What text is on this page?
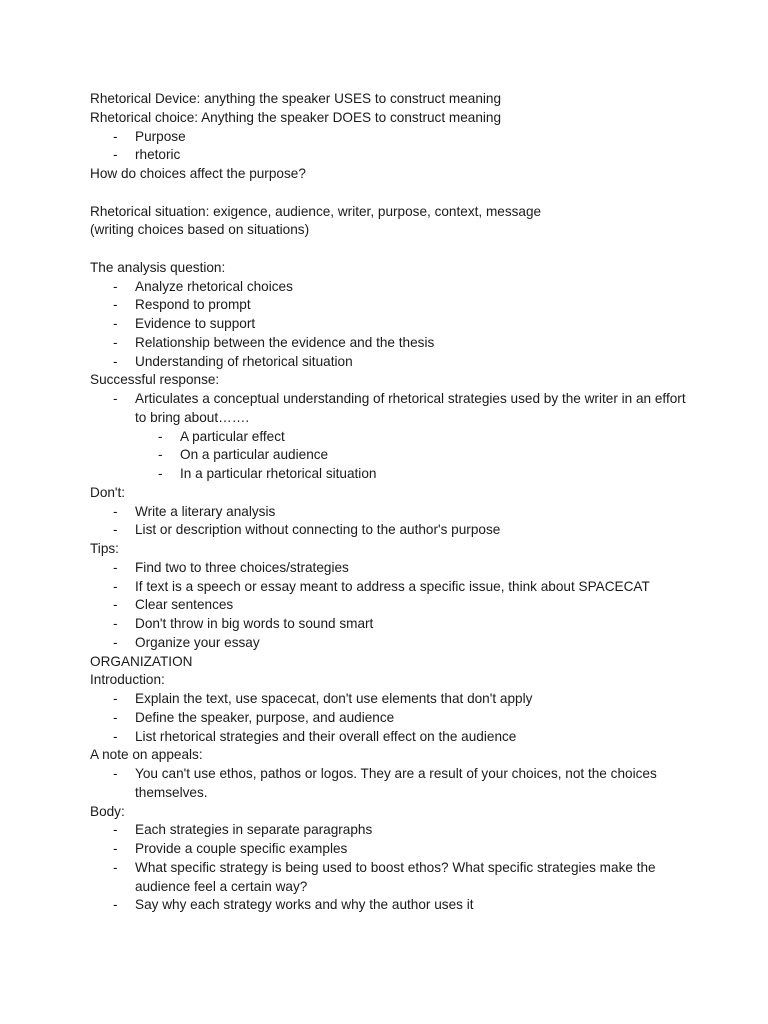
Rhetorical Device: anything the speaker USES to construct meaning
Rhetorical choice: Anything the speaker DOES to construct meaning
- Purpose
- rhetoric
How do choices affect the purpose?
Rhetorical situation: exigence, audience, writer, purpose, context, message
(writing choices based on situations)
The analysis question:
- Analyze rhetorical choices
- Respond to prompt
- Evidence to support
- Relationship between the evidence and the thesis
- Understanding of rhetorical situation
Successful response:
- Articulates a conceptual understanding of rhetorical strategies used by the writer in an effort to bring about…….
- A particular effect
- On a particular audience
- In a particular rhetorical situation
Don't:
- Write a literary analysis
- List or description without connecting to the author's purpose
Tips:
- Find two to three choices/strategies
- If text is a speech or essay meant to address a specific issue, think about SPACECAT
- Clear sentences
- Don't throw in big words to sound smart
- Organize your essay
ORGANIZATION
Introduction:
- Explain the text, use spacecat, don't use elements that don't apply
- Define the speaker, purpose, and audience
- List rhetorical strategies and their overall effect on the audience
A note on appeals:
- You can't use ethos, pathos or logos. They are a result of your choices, not the choices themselves.
Body:
- Each strategies in separate paragraphs
- Provide a couple specific examples
- What specific strategy is being used to boost ethos? What specific strategies make the audience feel a certain way?
- Say why each strategy works and why the author uses it
